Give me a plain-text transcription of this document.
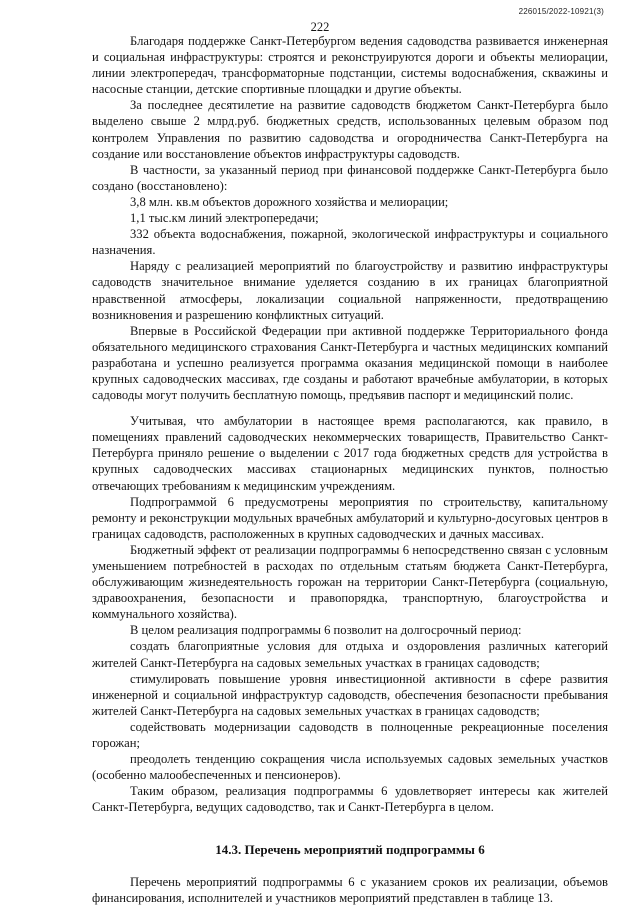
226015/2022-10921(3)
222

Благодаря поддержке Санкт-Петербургом ведения садоводства развивается инженерная и социальная инфраструктуры: строятся и реконструируются дороги и объекты мелиорации, линии электропередач, трансформаторные подстанции, системы водоснабжения, скважины и насосные станции, детские спортивные площадки и другие объекты.

За последнее десятилетие на развитие садоводств бюджетом Санкт-Петербурга было выделено свыше 2 млрд.руб. бюджетных средств, использованных целевым образом под контролем Управления по развитию садоводства и огородничества Санкт-Петербурга на создание или восстановление объектов инфраструктуры садоводств.

В частности, за указанный период при финансовой поддержке Санкт-Петербурга было создано (восстановлено):

3,8 млн. кв.м объектов дорожного хозяйства и мелиорации;

1,1 тыс.км линий электропередачи;

332 объекта водоснабжения, пожарной, экологической инфраструктуры и социального назначения.

Наряду с реализацией мероприятий по благоустройству и развитию инфраструктуры садоводств значительное внимание уделяется созданию в их границах благоприятной нравственной атмосферы, локализации социальной напряженности, предотвращению возникновения и разрешению конфликтных ситуаций.

Впервые в Российской Федерации при активной поддержке Территориального фонда обязательного медицинского страхования Санкт-Петербурга и частных медицинских компаний разработана и успешно реализуется программа оказания медицинской помощи в наиболее крупных садоводческих массивах, где созданы и работают врачебные амбулатории, в которых садоводы могут получить бесплатную помощь, предъявив паспорт и медицинский полис.

Учитывая, что амбулатории в настоящее время располагаются, как правило, в помещениях правлений садоводческих некоммерческих товариществ, Правительство Санкт-Петербурга приняло решение о выделении с 2017 года бюджетных средств для устройства в крупных садоводческих массивах стационарных медицинских пунктов, полностью отвечающих требованиям к медицинским учреждениям.

Подпрограммой 6 предусмотрены мероприятия по строительству, капитальному ремонту и реконструкции модульных врачебных амбулаторий и культурно-досуговых центров в границах садоводств, расположенных в крупных садоводческих и дачных массивах.

Бюджетный эффект от реализации подпрограммы 6 непосредственно связан с условным уменьшением потребностей в расходах по отдельным статьям бюджета Санкт-Петербурга, обслуживающим жизнедеятельность горожан на территории Санкт-Петербурга (социальную, здравоохранения, безопасности и правопорядка, транспортную, благоустройства и коммунального хозяйства).

В целом реализация подпрограммы 6 позволит на долгосрочный период:

создать благоприятные условия для отдыха и оздоровления различных категорий жителей Санкт-Петербурга на садовых земельных участках в границах садоводств;

стимулировать повышение уровня инвестиционной активности в сфере развития инженерной и социальной инфраструктур садоводств, обеспечения безопасности пребывания жителей Санкт-Петербурга на садовых земельных участках в границах садоводств;

содействовать модернизации садоводств в полноценные рекреационные поселения горожан;

преодолеть тенденцию сокращения числа используемых садовых земельных участков (особенно малообеспеченных и пенсионеров).

Таким образом, реализация подпрограммы 6 удовлетворяет интересы как жителей Санкт-Петербурга, ведущих садоводство, так и Санкт-Петербурга в целом.

14.3. Перечень мероприятий подпрограммы 6

Перечень мероприятий подпрограммы 6 с указанием сроков их реализации, объемов финансирования, исполнителей и участников мероприятий представлен в таблице 13.
